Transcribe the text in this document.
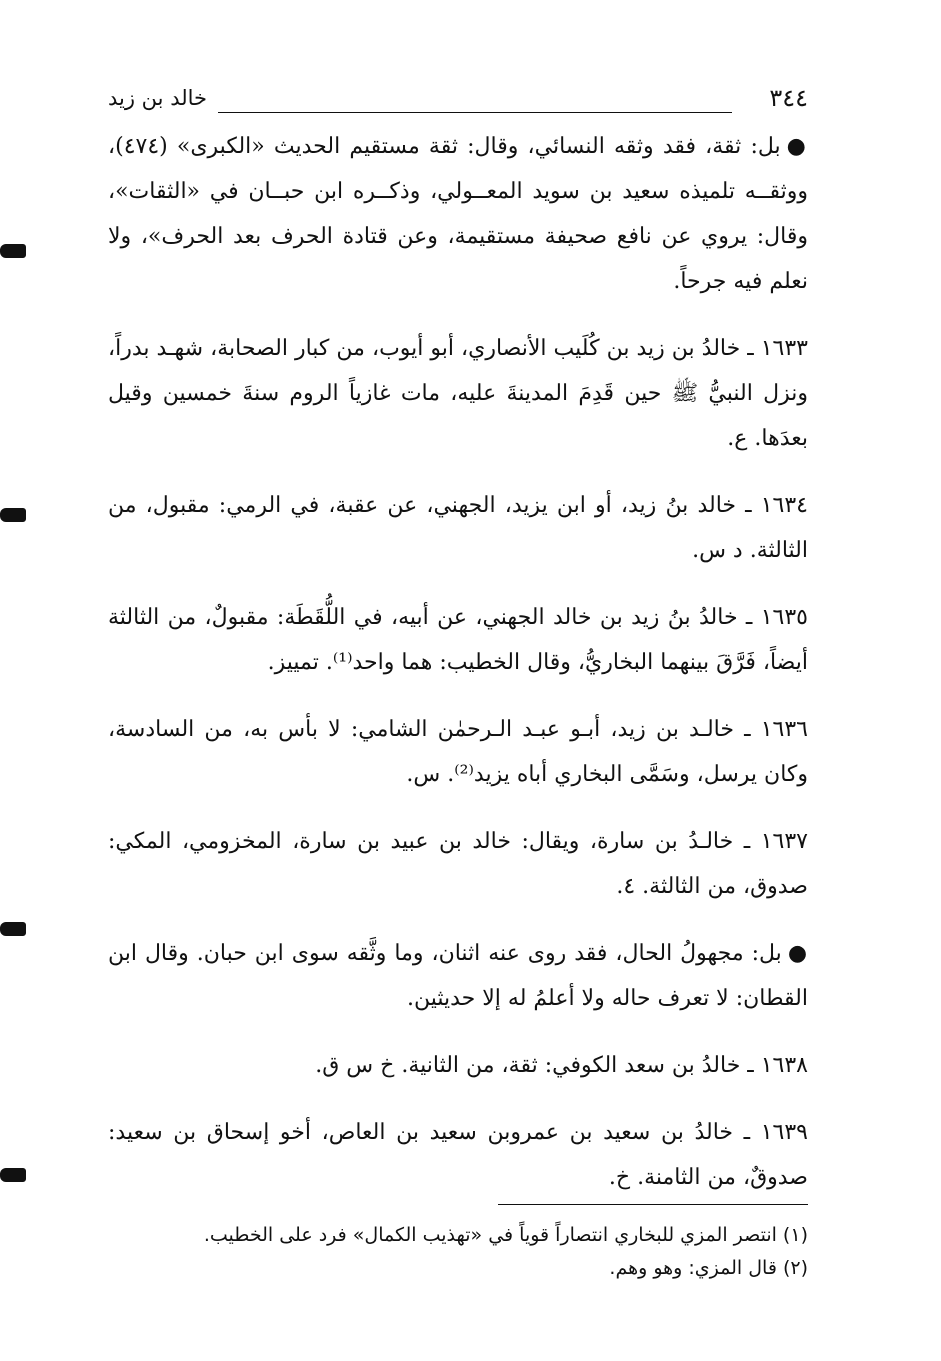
٣٤٤
خالد بن زيد

●بل: ثقة، فقد وثقه النسائي، وقال: ثقة مستقيم الحديث «الكبرى» (٤٧٤)، ووثقــه تلميذه سعيد بن سويد المعــولي، وذكــره ابن حبــان في «الثقات»، وقال: يروي عن نافع صحيفة مستقيمة، وعن قتادة الحرف بعد الحرف»، ولا نعلم فيه جرحاً.

١٦٣٣ ـ خالدُ بن زيد بن كُلَيب الأنصاري، أبو أيوب، من كبار الصحابة، شهـد بدراً، ونزل النبيُّ ﷺ حين قَدِمَ المدينةَ عليه، مات غازياً الروم سنةَ خمسين وقيل بعدَها. ع.

١٦٣٤ ـ خالد بنُ زيد، أو ابن يزيد، الجهني، عن عقبة، في الرمي: مقبول، من الثالثة. د س.

١٦٣٥ ـ خالدُ بنُ زيد بن خالد الجهني، عن أبيه، في اللُّقَطَة: مقبولٌ، من الثالثة أيضاً، فَرَّقَ بينهما البخاريُّ، وقال الخطيب: هما واحد⁽¹⁾. تمييز.

١٦٣٦ ـ خالـد بن زيد، أبـو عبـد الـرحمٰن الشامي: لا بأس به، من السادسة، وكان يرسل، وسَمَّى البخاري أباه يزيد⁽²⁾. س.

١٦٣٧ ـ خالـدُ بن سارة، ويقال: خالد بن عبيد بن سارة، المخزومي، المكي: صدوق، من الثالثة. ٤.

●بل: مجهولُ الحال، فقد روى عنه اثنان، وما وثَّقه سوى ابن حبان. وقال ابن القطان: لا تعرف حاله ولا أعلمُ له إلا حديثين.

١٦٣٨ ـ خالدُ بن سعد الكوفي: ثقة، من الثانية. خ س ق.

١٦٣٩ ـ خالدُ بن سعيد بن عمروبن سعيد بن العاص، أخو إسحاق بن سعيد: صدوقٌ، من الثامنة. خ.

(١) انتصر المزي للبخاري انتصاراً قوياً في «تهذيب الكمال» فرد على الخطيب.

(٢) قال المزي: وهو وهم.
